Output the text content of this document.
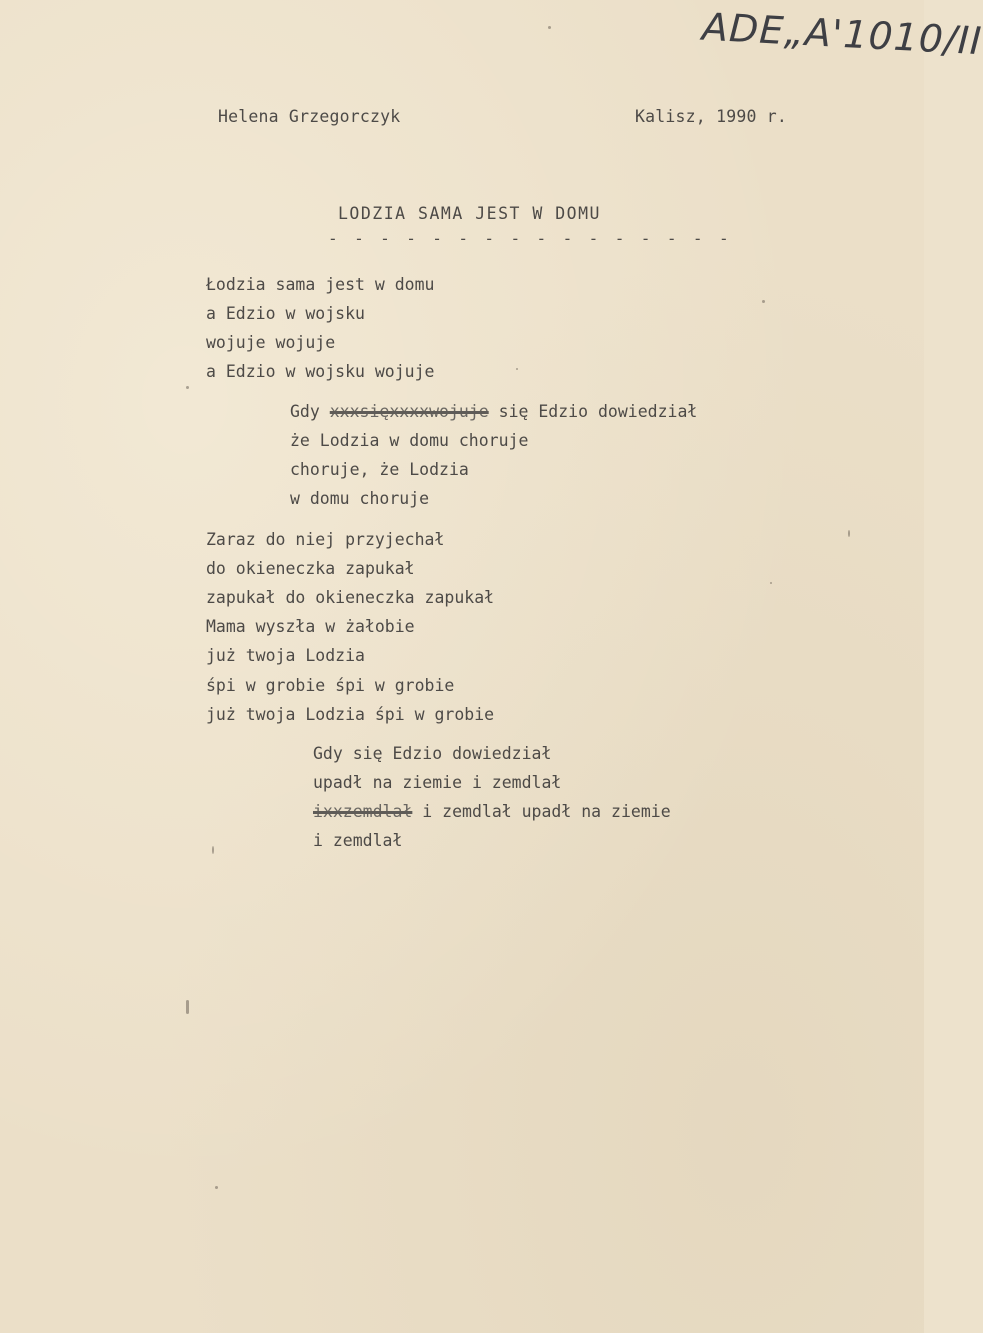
ADE„A'1010/II
Helena Grzegorczyk	Kalisz, 1990 r.
LODZIA SAMA JEST W DOMU
- - - - - - - - - - - - - - - -
Łodzia sama jest w domu
a Edzio w wojsku
wojuje wojuje
a Edzio w wojsku wojuje
Gdy xxxsięxxxxwojuje się Edzio dowiedział
że Lodzia w domu choruje
choruje, że Lodzia
w domu choruje
Zaraz do niej przyjechał
do okieneczka zapukał
zapukał do okieneczka zapukał
Mama wyszła w żałobie
już twoja Lodzia
śpi w grobie śpi w grobie
już twoja Lodzia śpi w grobie
Gdy się Edzio dowiedział
upadł na ziemie i zemdlał
ixxzemdlał i zemdlał upadł na ziemie
i zemdlał
